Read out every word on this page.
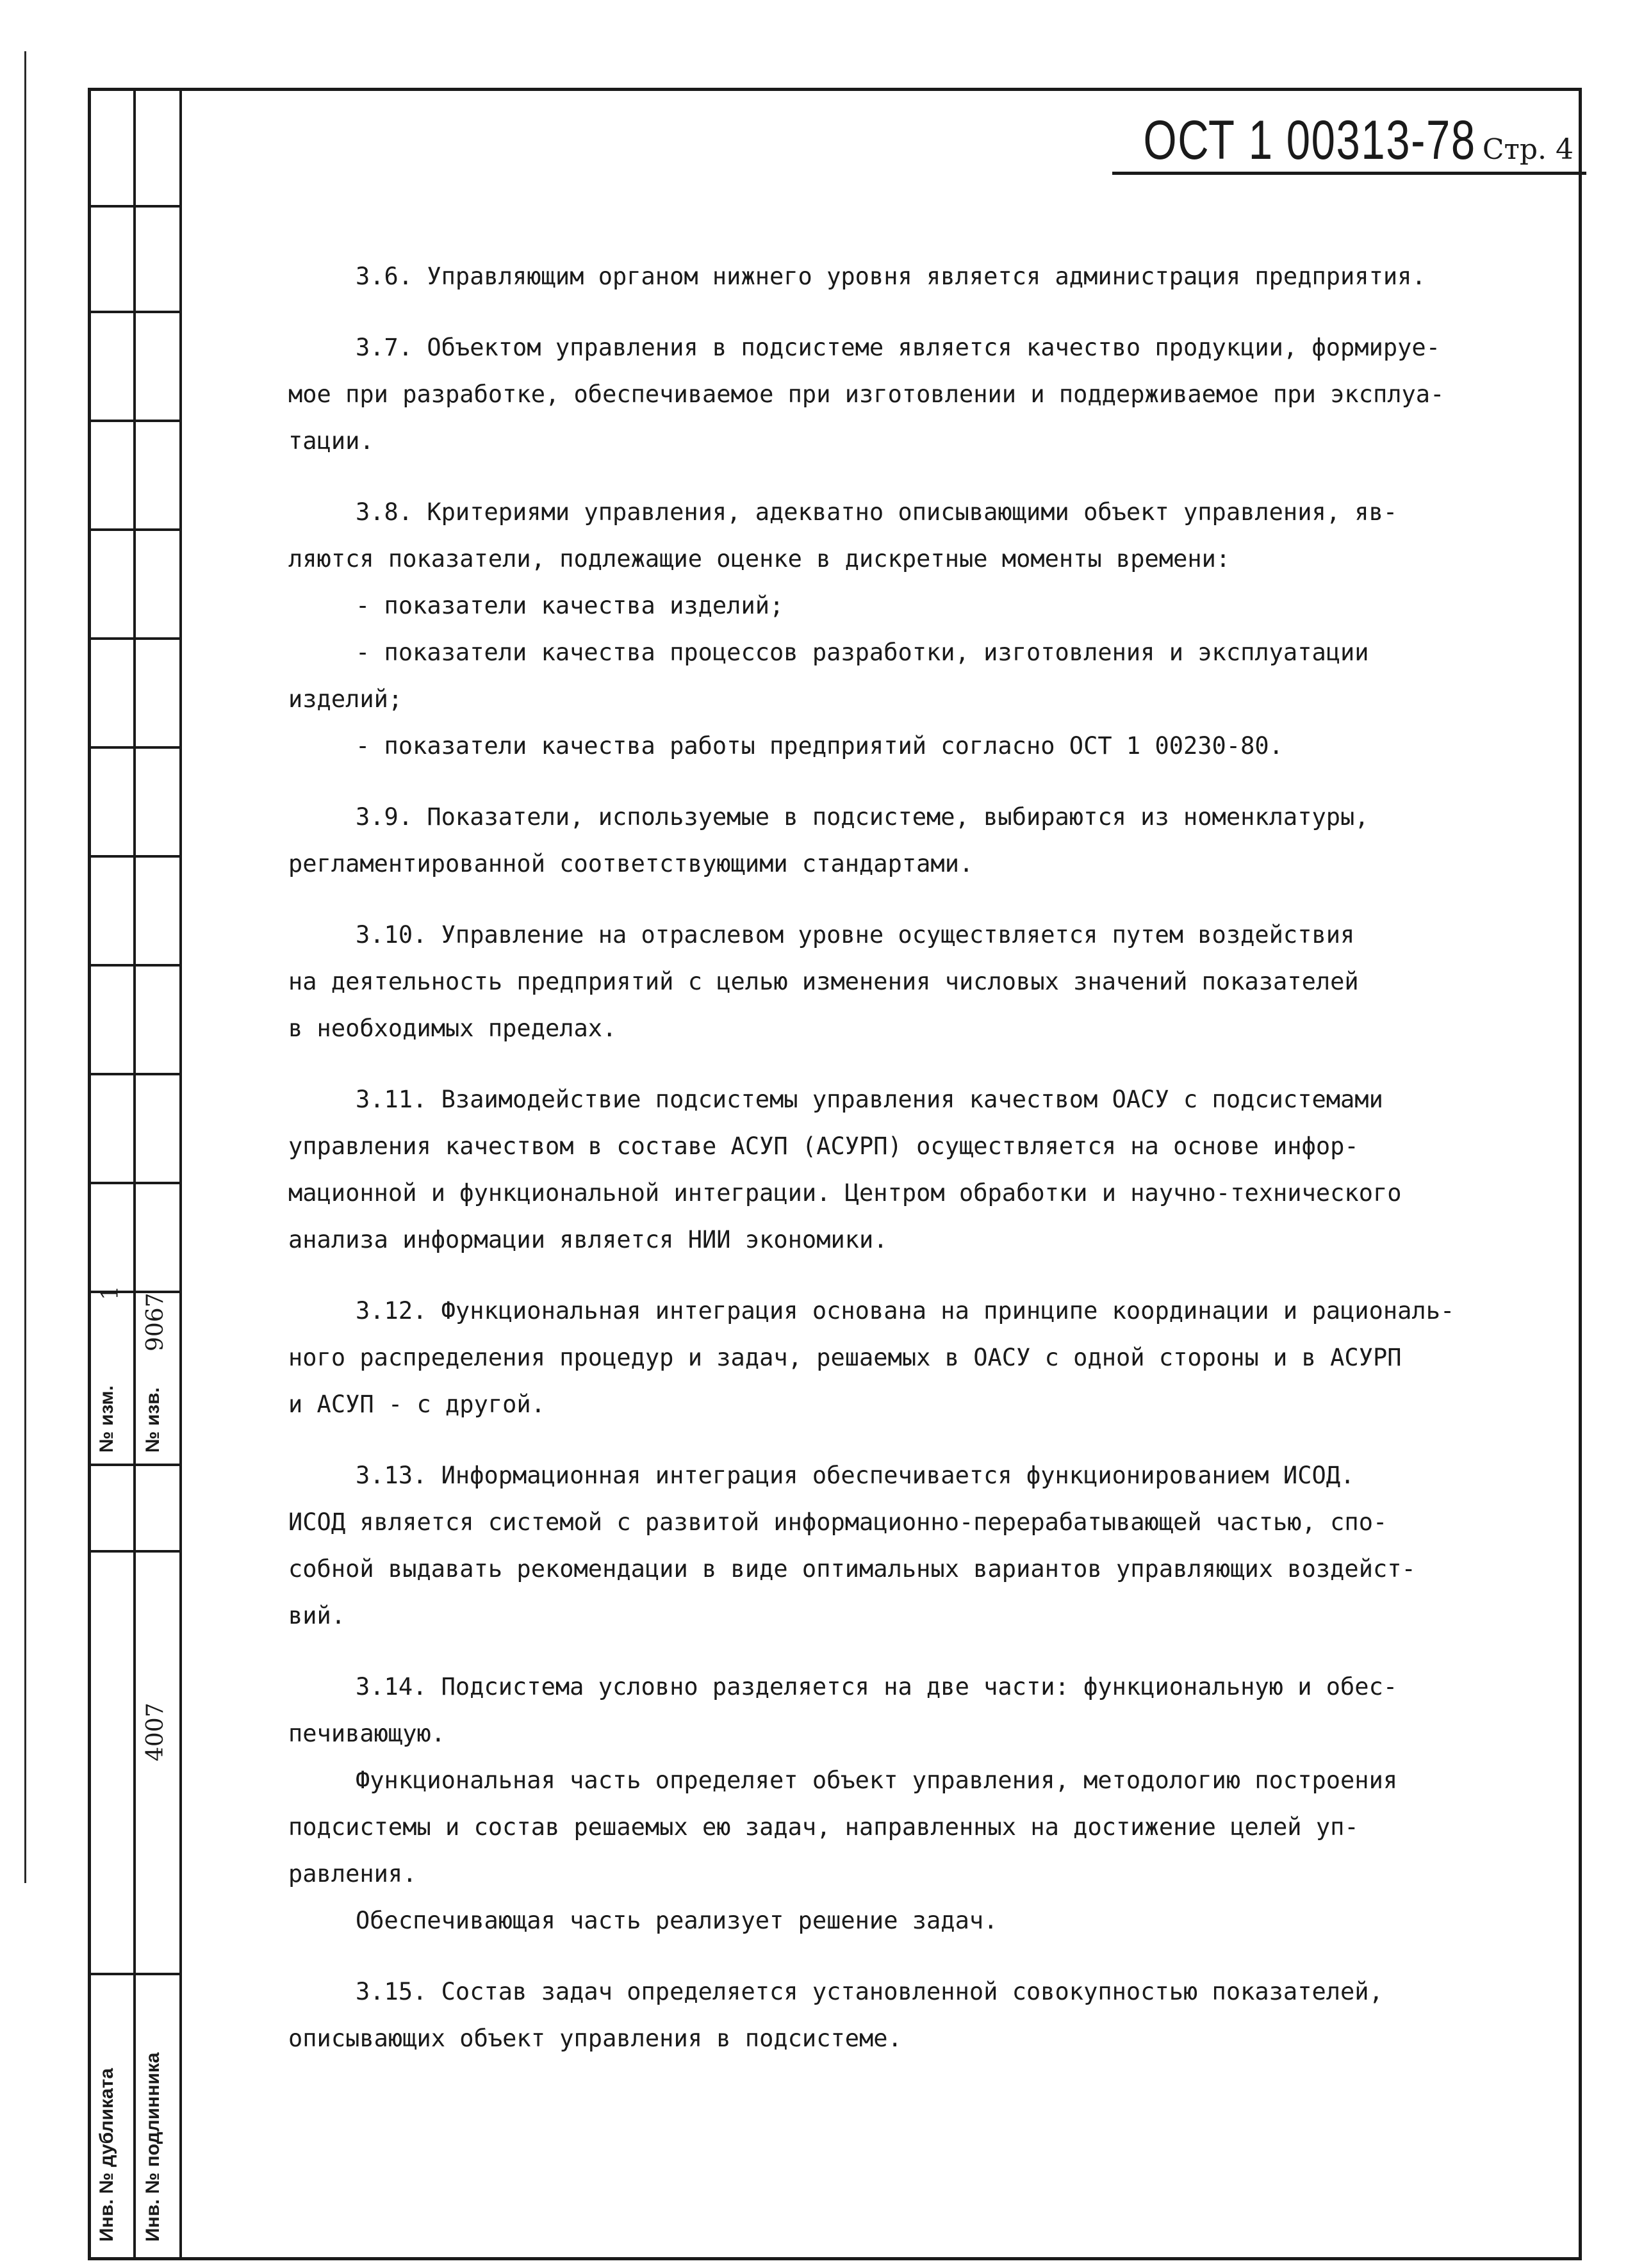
№ изм.
1
№ изв.
9067
4007
Инв. № дубликата Инв. № подлинника
ОСТ 1 00313-78 Стр. 4

3.6. Управляющим органом нижнего уровня является администрация предприятия.

3.7. Объектом управления в подсистеме является качество продукции, формируе-
мое при разработке, обеспечиваемое при изготовлении и поддерживаемое при эксплуа-
тации.

3.8. Критериями управления, адекватно описывающими объект управления, яв-
ляются показатели, подлежащие оценке в дискретные моменты времени:
- показатели качества изделий;
- показатели качества процессов разработки, изготовления и эксплуатации
изделий;
- показатели качества работы предприятий согласно ОСТ 1 00230-80.

3.9. Показатели, используемые в подсистеме, выбираются из номенклатуры,
регламентированной соответствующими стандартами.

3.10. Управление на отраслевом уровне осуществляется путем воздействия
на деятельность предприятий с целью изменения числовых значений показателей
в необходимых пределах.

3.11. Взаимодействие подсистемы управления качеством ОАСУ с подсистемами
управления качеством в составе АСУП (АСУРП) осуществляется на основе инфор-
мационной и функциональной интеграции. Центром обработки и научно-технического
анализа информации является НИИ экономики.

3.12. Функциональная интеграция основана на принципе координации и рациональ-
ного распределения процедур и задач, решаемых в ОАСУ с одной стороны и в АСУРП
и АСУП - с другой.

3.13. Информационная интеграция обеспечивается функционированием ИСОД.
ИСОД является системой с развитой информационно-перерабатывающей частью, спо-
собной выдавать рекомендации в виде оптимальных вариантов управляющих воздейст-
вий.

3.14. Подсистема условно разделяется на две части: функциональную и обес-
печивающую.
Функциональная часть определяет объект управления, методологию построения
подсистемы и состав решаемых ею задач, направленных на достижение целей уп-
равления.
Обеспечивающая часть реализует решение задач.

3.15. Состав задач определяется установленной совокупностью показателей,
описывающих объект управления в подсистеме.
